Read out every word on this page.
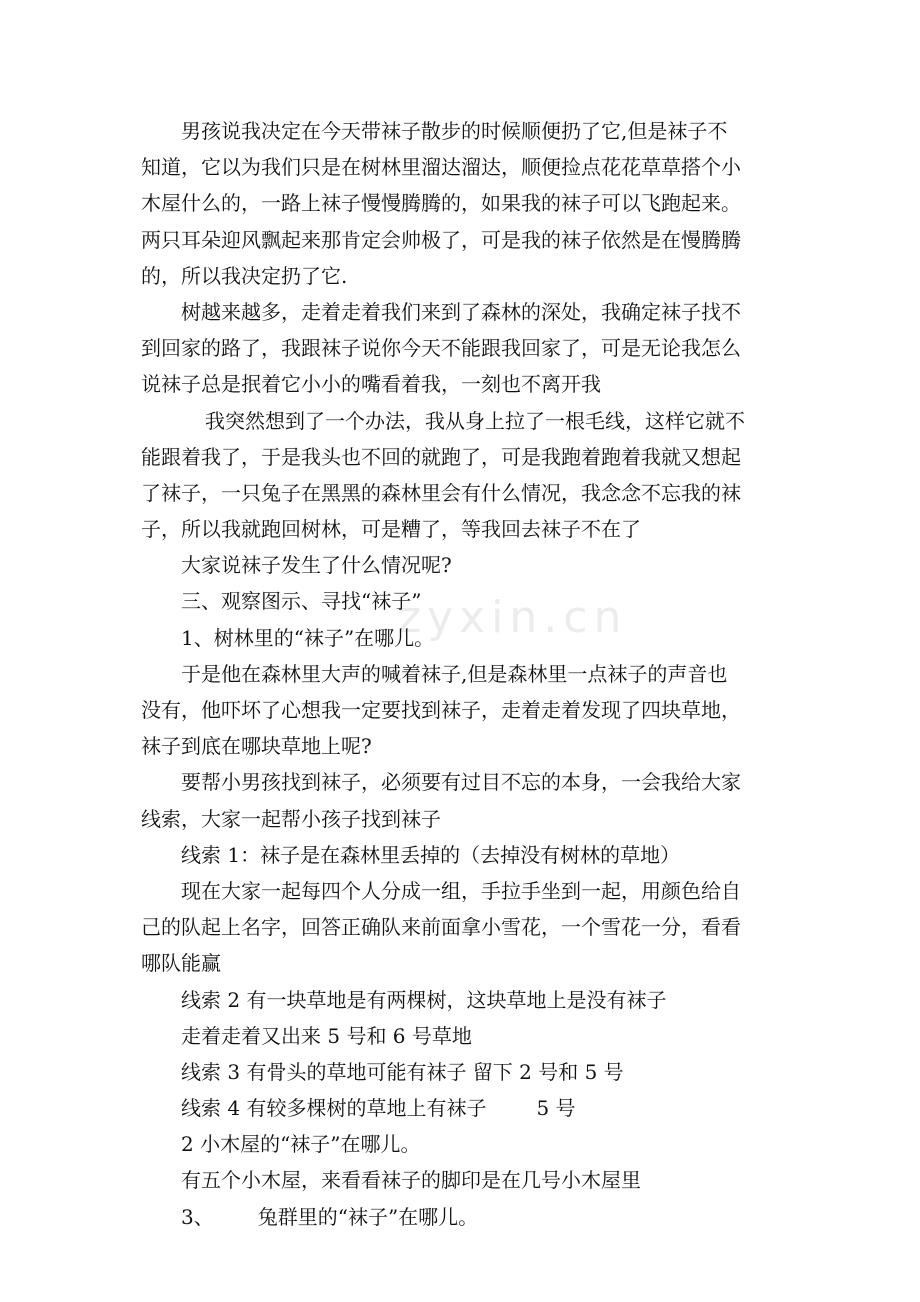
zyxin.cn
男孩说我决定在今天带袜子散步的时候顺便扔了它,但是袜子不
知道，它以为我们只是在树林里溜达溜达，顺便捡点花花草草搭个小
木屋什么的，一路上袜子慢慢腾腾的，如果我的袜子可以飞跑起来。
两只耳朵迎风飘起来那肯定会帅极了，可是我的袜子依然是在慢腾腾
的，所以我决定扔了它.
树越来越多，走着走着我们来到了森林的深处，我确定袜子找不
到回家的路了，我跟袜子说你今天不能跟我回家了，可是无论我怎么
说袜子总是抿着它小小的嘴看着我，一刻也不离开我
我突然想到了一个办法，我从身上拉了一根毛线，这样它就不
能跟着我了，于是我头也不回的就跑了，可是我跑着跑着我就又想起
了袜子，一只兔子在黑黑的森林里会有什么情况，我念念不忘我的袜
子，所以我就跑回树林，可是糟了，等我回去袜子不在了
大家说袜子发生了什么情况呢?
三、观察图示、寻找“袜子”
1、树林里的“袜子”在哪儿。
于是他在森林里大声的喊着袜子,但是森林里一点袜子的声音也
没有，他吓坏了心想我一定要找到袜子，走着走着发现了四块草地，
袜子到底在哪块草地上呢?
要帮小男孩找到袜子，必须要有过目不忘的本身，一会我给大家
线索，大家一起帮小孩子找到袜子
线索 1：袜子是在森林里丢掉的（去掉没有树林的草地）
现在大家一起每四个人分成一组，手拉手坐到一起，用颜色给自
己的队起上名字，回答正确队来前面拿小雪花，一个雪花一分，看看
哪队能赢
线索 2 有一块草地是有两棵树，这块草地上是没有袜子
走着走着又出来 5 号和 6 号草地
线索 3 有骨头的草地可能有袜子 留下 2 号和 5 号
线索 4 有较多棵树的草地上有袜子	5 号
2 小木屋的“袜子”在哪儿。
有五个小木屋，来看看袜子的脚印是在几号小木屋里
3、 兔群里的“袜子”在哪儿。
